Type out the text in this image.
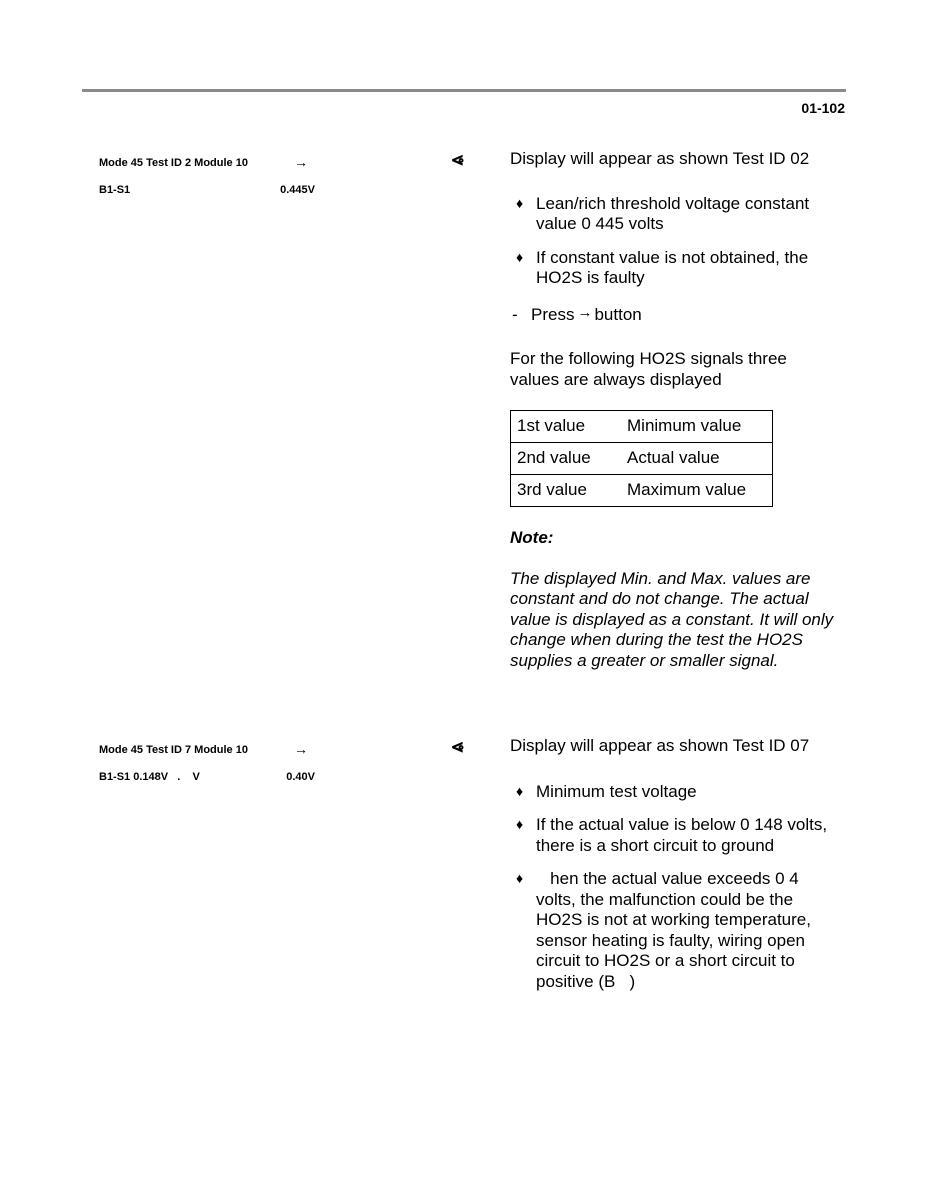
01-102
Mode 45 Test ID 2 Module 10	→
B1-S1	0.445V
⩹	Display will appear as shown Test ID 02
♦ Lean/rich threshold voltage constant value 0 445 volts
♦ If constant value is not obtained, the HO2S is faulty
- Press → button
For the following HO2S signals three values are always displayed
1st value	Minimum value
2nd value	Actual value
3rd value	Maximum value
Note:
The displayed Min. and Max. values are constant and do not change. The actual value is displayed as a constant. It will only change when during the test the HO2S supplies a greater or smaller signal.
Mode 45 Test ID 7 Module 10	→
B1-S1 0.148V   .    V	0.40V
⩹	Display will appear as shown Test ID 07
♦ Minimum test voltage
♦ If the actual value is below 0 148 volts, there is a short circuit to ground
♦ hen the actual value exceeds 0 4 volts, the malfunction could be the HO2S is not at working temperature, sensor heating is faulty, wiring open circuit to HO2S or a short circuit to positive (B   )
